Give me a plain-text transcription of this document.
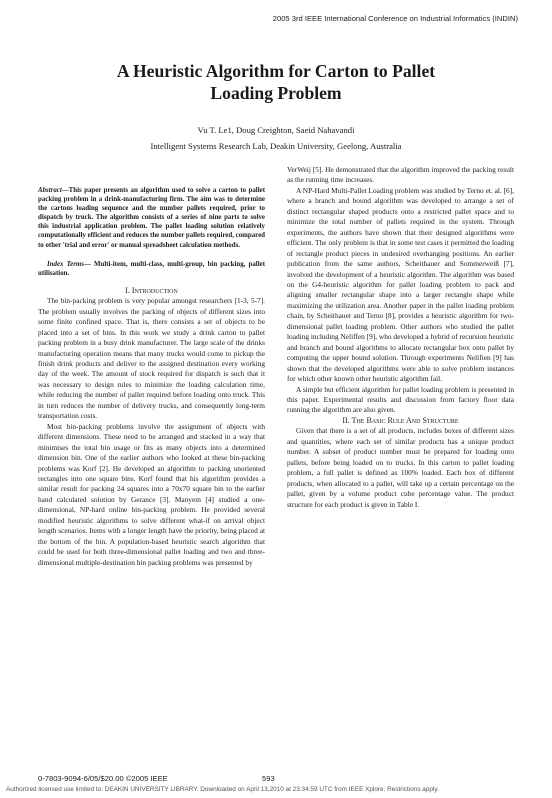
2005 3rd IEEE International Conference on Industrial Informatics (INDIN)
A Heuristic Algorithm for Carton to Pallet
Loading Problem
Vu T. Le1, Doug Creighton, Saeid Nahavandi
Intelligent Systems Research Lab, Deakin University, Geelong, Australia

Abstract—This paper presents an algorithm used to solve a carton to pallet packing problem in a drink-manufacturing firm. The aim was to determine the cartons loading sequence and the number pallets required, prior to dispatch by truck. The algorithm consists of a series of nine parts to solve this industrial application problem. The pallet loading solution relatively computationally efficient and reduces the number pallets required, compared to other 'trial and error' or manual spreadsheet calculation methods.

Index Terms— Multi-item, multi-class, multi-group, bin packing, pallet utilisation.

I. Introduction

The bin-packing problem is very popular amongst researchers [1-3, 5-7]. The problem usually involves the packing of objects of different sizes into some finite confined space. That is, there consists a set of objects to be placed into a set of bins. In this work we study a drink carton to pallet packing problem in a busy drink manufacturer. The large scale of the drinks manufacturing operation means that many trucks would come to pickup the finish drink products and deliver to the assigned destination every working day of the week. The amount of stock required for dispatch is such that it was necessary to design rules to minimize the loading calculation time, while reducing the number of pallet required before loading onto truck. This in turn reduces the number of delivery trucks, and consequently long-term transportation costs.

Most bin-packing problems involve the assignment of objects with different dimensions. These need to be arranged and stacked in a way that minimises the total bin usage or fits as many objects into a determined dimension bin. One of the earlier authors who looked at these bin-packing problems was Korf [2]. He developed an algorithm to packing unoriented rectangles into one square bins. Korf found that his algorithm provides a similar result for packing 24 squares into a 70x70 square bin to the earlier hand calculated solution by Gerance [3]. Manyem [4] studied a one-dimensional, NP-hard online bin-packing problem. He provided several modified heuristic algorithms to solve different what-if on arrival object length scenarios. Items with a longer length have the priority, being placed at the bottom of the bin. A population-based heuristic search algorithm that could be used for both three-dimensional pallet loading and two and three-dimensional multiple-destination bin packing problems was presented by

VerWeij [5]. He demonstrated that the algorithm improved the packing result as the running time increases.

A NP-Hard Multi-Pallet Loading problem was studied by Terno et. al. [6], where a branch and bound algorithm was developed to arrange a set of distinct rectangular shaped products onto a restricted pallet space and to minimize the total number of pallets required in the system. Through experiments, the authors have shown that their designed algorithms were efficient. The only problem is that in some test cases it permitted the loading of rectangle product pieces in undesired overhanging positions. An earlier publication from the same authors, Scheithauer and Sommerweiß [7], involved the development of a heuristic algorithm. The algorithm was based on the G4-heuristic algorithm for pallet loading problem to pack and aligning smaller rectangular shape into a larger rectangle shape while maximizing the utilization area. Another paper in the pallet loading problem chain, by Scheithauer and Terno [8], provides a heuristic algorithm for two-dimensional pallet loading problem. Other authors who studied the pallet loading including Neliffen [9], who developed a hybrid of recursion heuristic and branch and bound algorithms to allocate rectangular box onto pallet by computing the upper bound solution. Through experiments Nelifien [9] has shown that the developed algorithms were able to solve problem instances for which other known other heuristic algorithm fail.

A simple but efficient algorithm for pallet loading problem is presented in this paper. Experimental results and discussion from factory floor data running the algorithm are also given.

II. The Basic Rule And Structure

Given that there is a set of all products, includes boxes of different sizes and quantities, where each set of similar products has a unique product number. A subset of product number must be prepared for loading onto pallets, before being loaded on to trucks. In this carton to pallet loading problem, a full pallet is defined as 100% loaded. Each box of different products, when allocated to a pallet, will take up a certain percentage on the pallet, given by a volume product cube percentage value. The product structure for each product is given in Table I.

0-7803-9094-6/05/$20.00 ©2005 IEEE	593
Authorized licensed use limited to: DEAKIN UNIVERSITY LIBRARY. Downloaded on April 13,2010 at 23:34:59 UTC from IEEE Xplore. Restrictions apply.
